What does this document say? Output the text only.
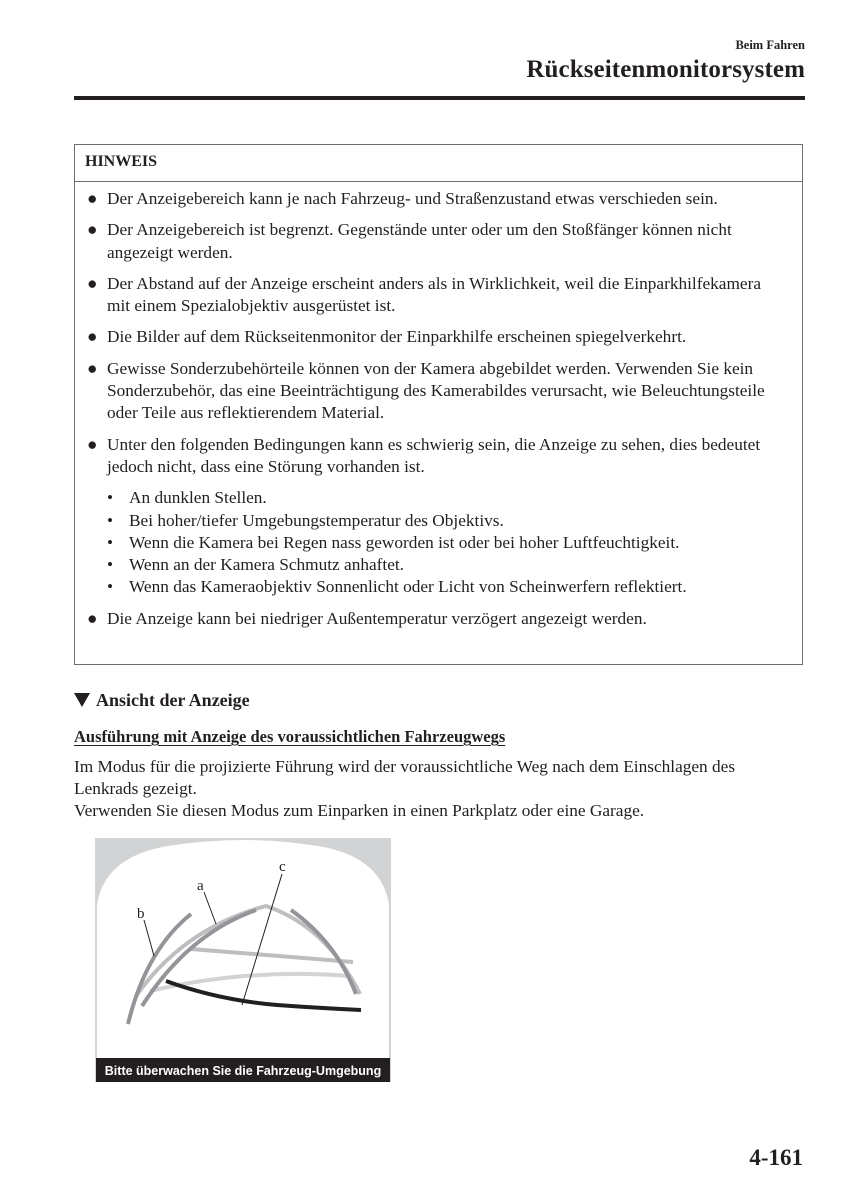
Beim Fahren
Rückseitenmonitorsystem
HINWEIS
● Der Anzeigebereich kann je nach Fahrzeug- und Straßenzustand etwas verschieden sein.
● Der Anzeigebereich ist begrenzt. Gegenstände unter oder um den Stoßfänger können nicht angezeigt werden.
● Der Abstand auf der Anzeige erscheint anders als in Wirklichkeit, weil die Einparkhilfekamera mit einem Spezialobjektiv ausgerüstet ist.
● Die Bilder auf dem Rückseitenmonitor der Einparkhilfe erscheinen spiegelverkehrt.
● Gewisse Sonderzubehörteile können von der Kamera abgebildet werden. Verwenden Sie kein Sonderzubehör, das eine Beeinträchtigung des Kamerabildes verursacht, wie Beleuchtungsteile oder Teile aus reflektierendem Material.
● Unter den folgenden Bedingungen kann es schwierig sein, die Anzeige zu sehen, dies bedeutet jedoch nicht, dass eine Störung vorhanden ist.
• An dunklen Stellen.
• Bei hoher/tiefer Umgebungstemperatur des Objektivs.
• Wenn die Kamera bei Regen nass geworden ist oder bei hoher Luftfeuchtigkeit.
• Wenn an der Kamera Schmutz anhaftet.
• Wenn das Kameraobjektiv Sonnenlicht oder Licht von Scheinwerfern reflektiert.
● Die Anzeige kann bei niedriger Außentemperatur verzögert angezeigt werden.
Ansicht der Anzeige
Ausführung mit Anzeige des voraussichtlichen Fahrzeugwegs

Im Modus für die projizierte Führung wird der voraussichtliche Weg nach dem Einschlagen des Lenkrads gezeigt.

Verwenden Sie diesen Modus zum Einparken in einen Parkplatz oder eine Garage.

c
a
b
Bitte überwachen Sie die Fahrzeug-Umgebung
4-161
